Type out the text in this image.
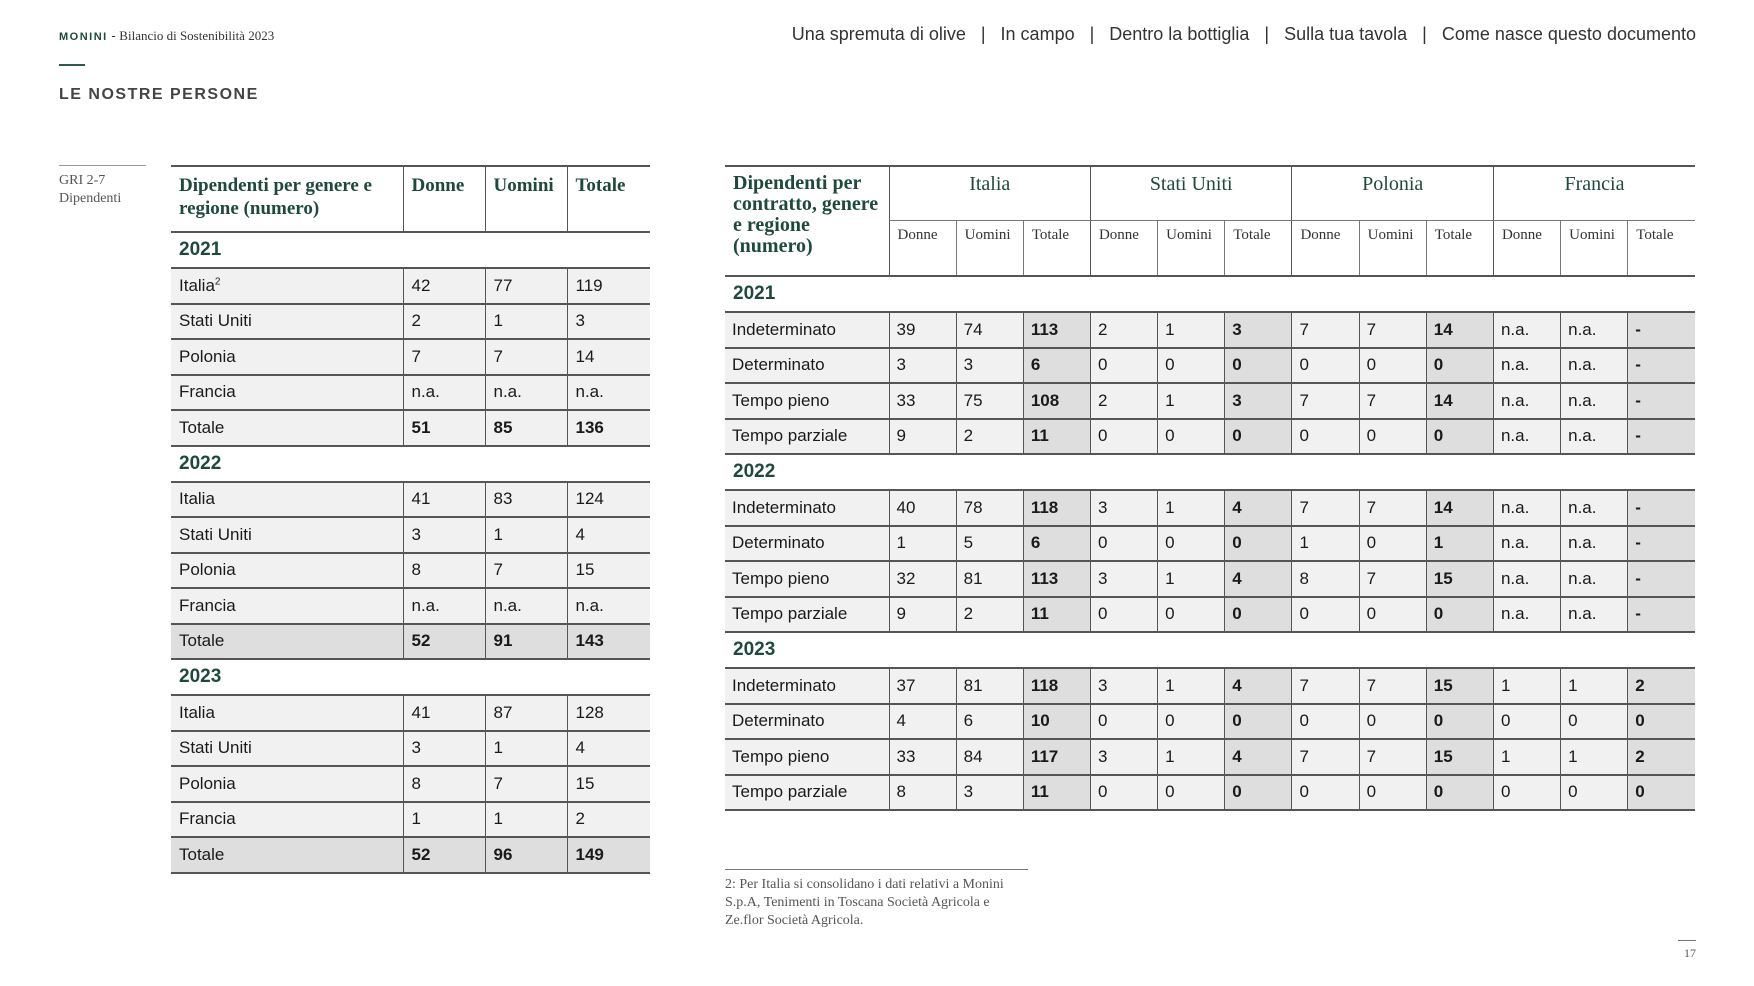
MONINI - Bilancio di Sostenibilità 2023
LE NOSTRE PERSONE
Una spremuta di olive | In campo | Dentro la bottiglia | Sulla tua tavola | Come nasce questo documento
GRI 2-7
Dipendenti
Dipendenti per genere e regione (numero)	Donne	Uomini	Totale
2021			
Italia$^2$	42	77	119
Stati Uniti	2	1	3
Polonia	7	7	14
Francia	n.a.	n.a.	n.a.
Totale	51	85	136
2022			
Italia	41	83	124
Stati Uniti	3	1	4
Polonia	8	7	15
Francia	n.a.	n.a.	n.a.
Totale	52	91	143
2023			
Italia	41	87	128
Stati Uniti	3	1	4
Polonia	8	7	15
Francia	1	1	2
Totale	52	96	149
Dipendenti per contratto, genere e regione (numero)	Italia			Stati Uniti			Polonia			Francia		
	Donne	Uomini	Totale	Donne	Uomini	Totale	Donne	Uomini	Totale	Donne	Uomini	Totale
2021												
Indeterminato	39	74	113	2	1	3	7	7	14	n.a.	n.a.	-
Determinato	3	3	6	0	0	0	0	0	0	n.a.	n.a.	-
Tempo pieno	33	75	108	2	1	3	7	7	14	n.a.	n.a.	-
Tempo parziale	9	2	11	0	0	0	0	0	0	n.a.	n.a.	-
2022												
Indeterminato	40	78	118	3	1	4	7	7	14	n.a.	n.a.	-
Determinato	1	5	6	0	0	0	1	0	1	n.a.	n.a.	-
Tempo pieno	32	81	113	3	1	4	8	7	15	n.a.	n.a.	-
Tempo parziale	9	2	11	0	0	0	0	0	0	n.a.	n.a.	-
2023												
Indeterminato	37	81	118	3	1	4	7	7	15	1	1	2
Determinato	4	6	10	0	0	0	0	0	0	0	0	0
Tempo pieno	33	84	117	3	1	4	7	7	15	1	1	2
Tempo parziale	8	3	11	0	0	0	0	0	0	0	0	0
2: Per Italia si consolidano i dati relativi a Monini S.p.A, Tenimenti in Toscana Società Agricola e Ze.flor Società Agricola.
17
